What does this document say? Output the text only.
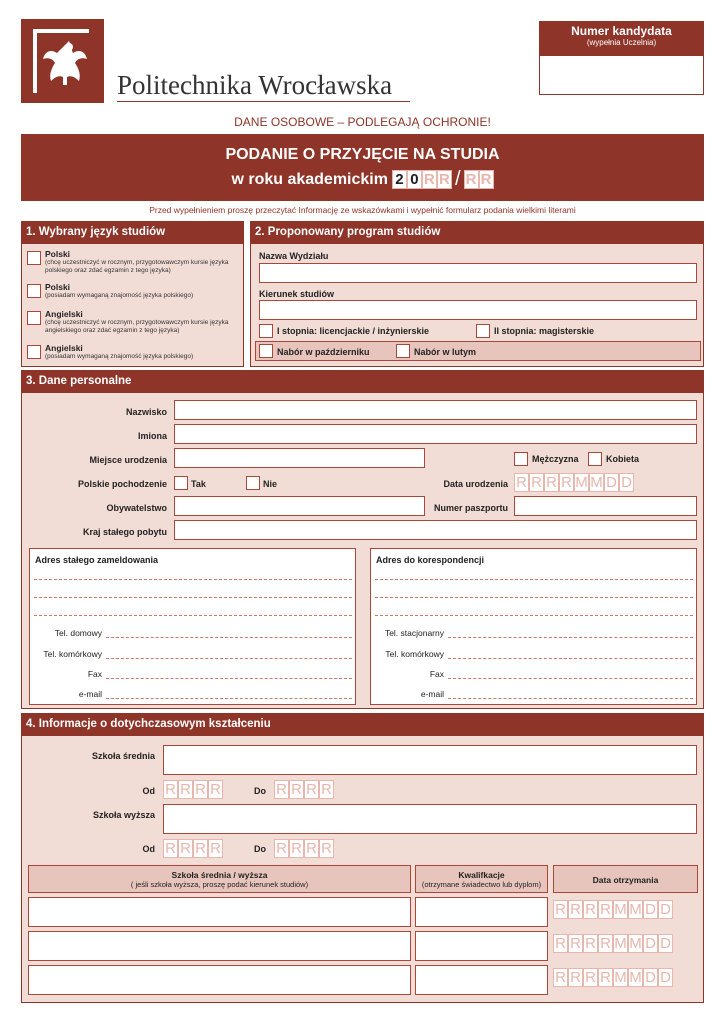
Politechnika Wrocławska
Numer kandydata
(wypełnia Uczelnia)
DANE OSOBOWE – PODLEGAJĄ OCHRONIE!
PODANIE O PRZYJĘCIE NA STUDIA
w roku akademickim 2 0 R R / R R
Przed wypełnieniem proszę przeczytać Informację ze wskazówkami i wypełnić formularz podania wielkimi literami
1. Wybrany język studiów
Polski
(chcę uczestniczyć w rocznym, przygotowawczym kursie języka polskiego oraz zdać egzamin z tego języka)
Polski
(posiadam wymaganą znajomość języka polskiego)
Angielski
(chcę uczestniczyć w rocznym, przygotowawczym kursie języka angielskiego oraz zdać egzamin z tego języka)
Angielski
(posiadam wymaganą znajomość języka polskiego)
2. Proponowany program studiów
Nazwa Wydziału
Kierunek studiów
I stopnia: licencjackie / inżynierskie	II stopnia: magisterskie
Nabór w październiku	Nabór w lutym
3. Dane personalne
Nazwisko
Imiona
Miejsce urodzenia	Mężczyzna	Kobieta
Polskie pochodzenie	Tak	Nie	Data urodzenia R R R R M M D D
Obywatelstwo	Numer paszportu
Kraj stałego pobytu
Adres stałego zameldowania
Tel. domowy
Tel. komórkowy
Fax
e-mail
Adres do korespondencji
Tel. stacjonarny
Tel. komórkowy
Fax
e-mail
4. Informacje o dotychczasowym kształceniu
Szkoła średnia
Od R R R R	Do R R R R
Szkoła wyższa
Od R R R R	Do R R R R
Szkoła średnia / wyższa
( jeśli szkoła wyższa, proszę podać kierunek studiów)
Kwalifkacje
(otrzymane świadectwo lub dyplom)	Data otrzymania
R R R R M M D D
R R R R M M D D
R R R R M M D D
